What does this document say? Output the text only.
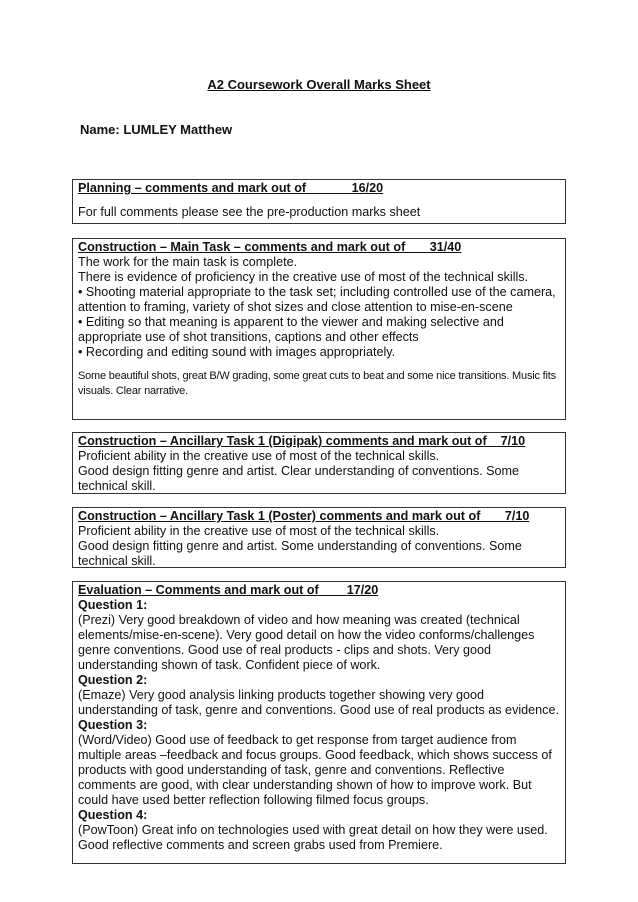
A2 Coursework Overall Marks Sheet
Name: LUMLEY Matthew
Planning – comments and mark out of             16/20

For full comments please see the pre-production marks sheet

Construction – Main Task – comments and mark out of       31/40

The work for the main task is complete.

There is evidence of proficiency in the creative use of most of the technical skills.

• Shooting material appropriate to the task set; including controlled use of the camera, attention to framing, variety of shot sizes and close attention to mise-en-scene

• Editing so that meaning is apparent to the viewer and making selective and appropriate use of shot transitions, captions and other effects

• Recording and editing sound with images appropriately.

Some beautiful shots, great B/W grading, some great cuts to beat and some nice transitions. Music fits visuals. Clear narrative.

Construction – Ancillary Task 1 (Digipak) comments and mark out of    7/10

Proficient ability in the creative use of most of the technical skills.

Good design fitting genre and artist. Clear understanding of conventions. Some technical skill.

Construction – Ancillary Task 1 (Poster) comments and mark out of       7/10

Proficient ability in the creative use of most of the technical skills.

Good design fitting genre and artist. Some understanding of conventions. Some technical skill.

Evaluation – Comments and mark out of        17/20
Question 1:

(Prezi) Very good breakdown of video and how meaning was created (technical elements/mise-en-scene). Very good detail on how the video conforms/challenges genre conventions. Good use of real products - clips and shots. Very good understanding shown of task. Confident piece of work.

Question 2:

(Emaze) Very good analysis linking products together showing very good understanding of task, genre and conventions. Good use of real products as evidence.

Question 3:

(Word/Video) Good use of feedback to get response from target audience from multiple areas –feedback and focus groups. Good feedback, which shows success of products with good understanding of task, genre and conventions. Reflective comments are good, with clear understanding shown of how to improve work. But could have used better reflection following filmed focus groups.

Question 4:

(PowToon) Great info on technologies used with great detail on how they were used. Good reflective comments and screen grabs used from Premiere.
